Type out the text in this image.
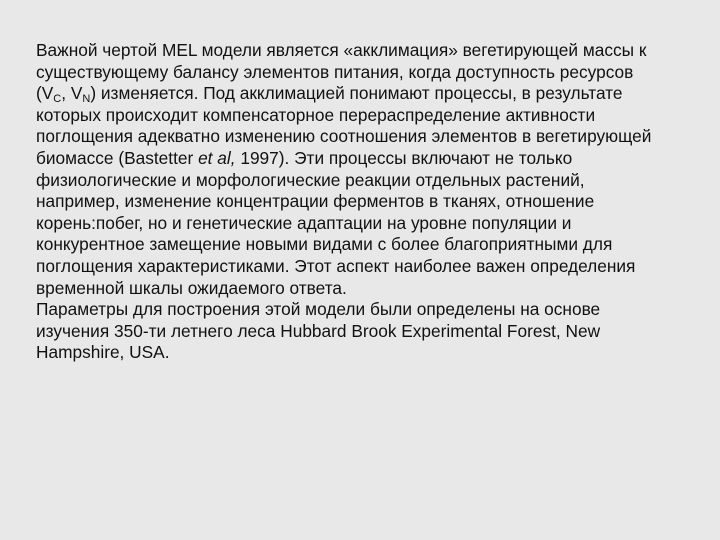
Важной чертой MEL модели является «акклимация» вегетирующей массы к
существующему балансу элементов питания, когда доступность ресурсов
($V_C$, $V_N$) изменяется. Под акклимацией понимают процессы, в результате
которых происходит компенсаторное перераспределение активности
поглощения адекватно изменению соотношения элементов в вегетирующей
биомассе (Bastetter et al, 1997). Эти процессы включают не только
физиологические и морфологические реакции отдельных растений,
например, изменение концентрации ферментов в тканях, отношение
корень:побег, но и генетические адаптации на уровне популяции и
конкурентное замещение новыми видами с более благоприятными для
поглощения характеристиками. Этот аспект наиболее важен определения
временной шкалы ожидаемого ответа.

Параметры для построения этой модели были определены на основе
изучения 350-ти летнего леса Hubbard Brook Experimental Forest, New
Hampshire, USA.
